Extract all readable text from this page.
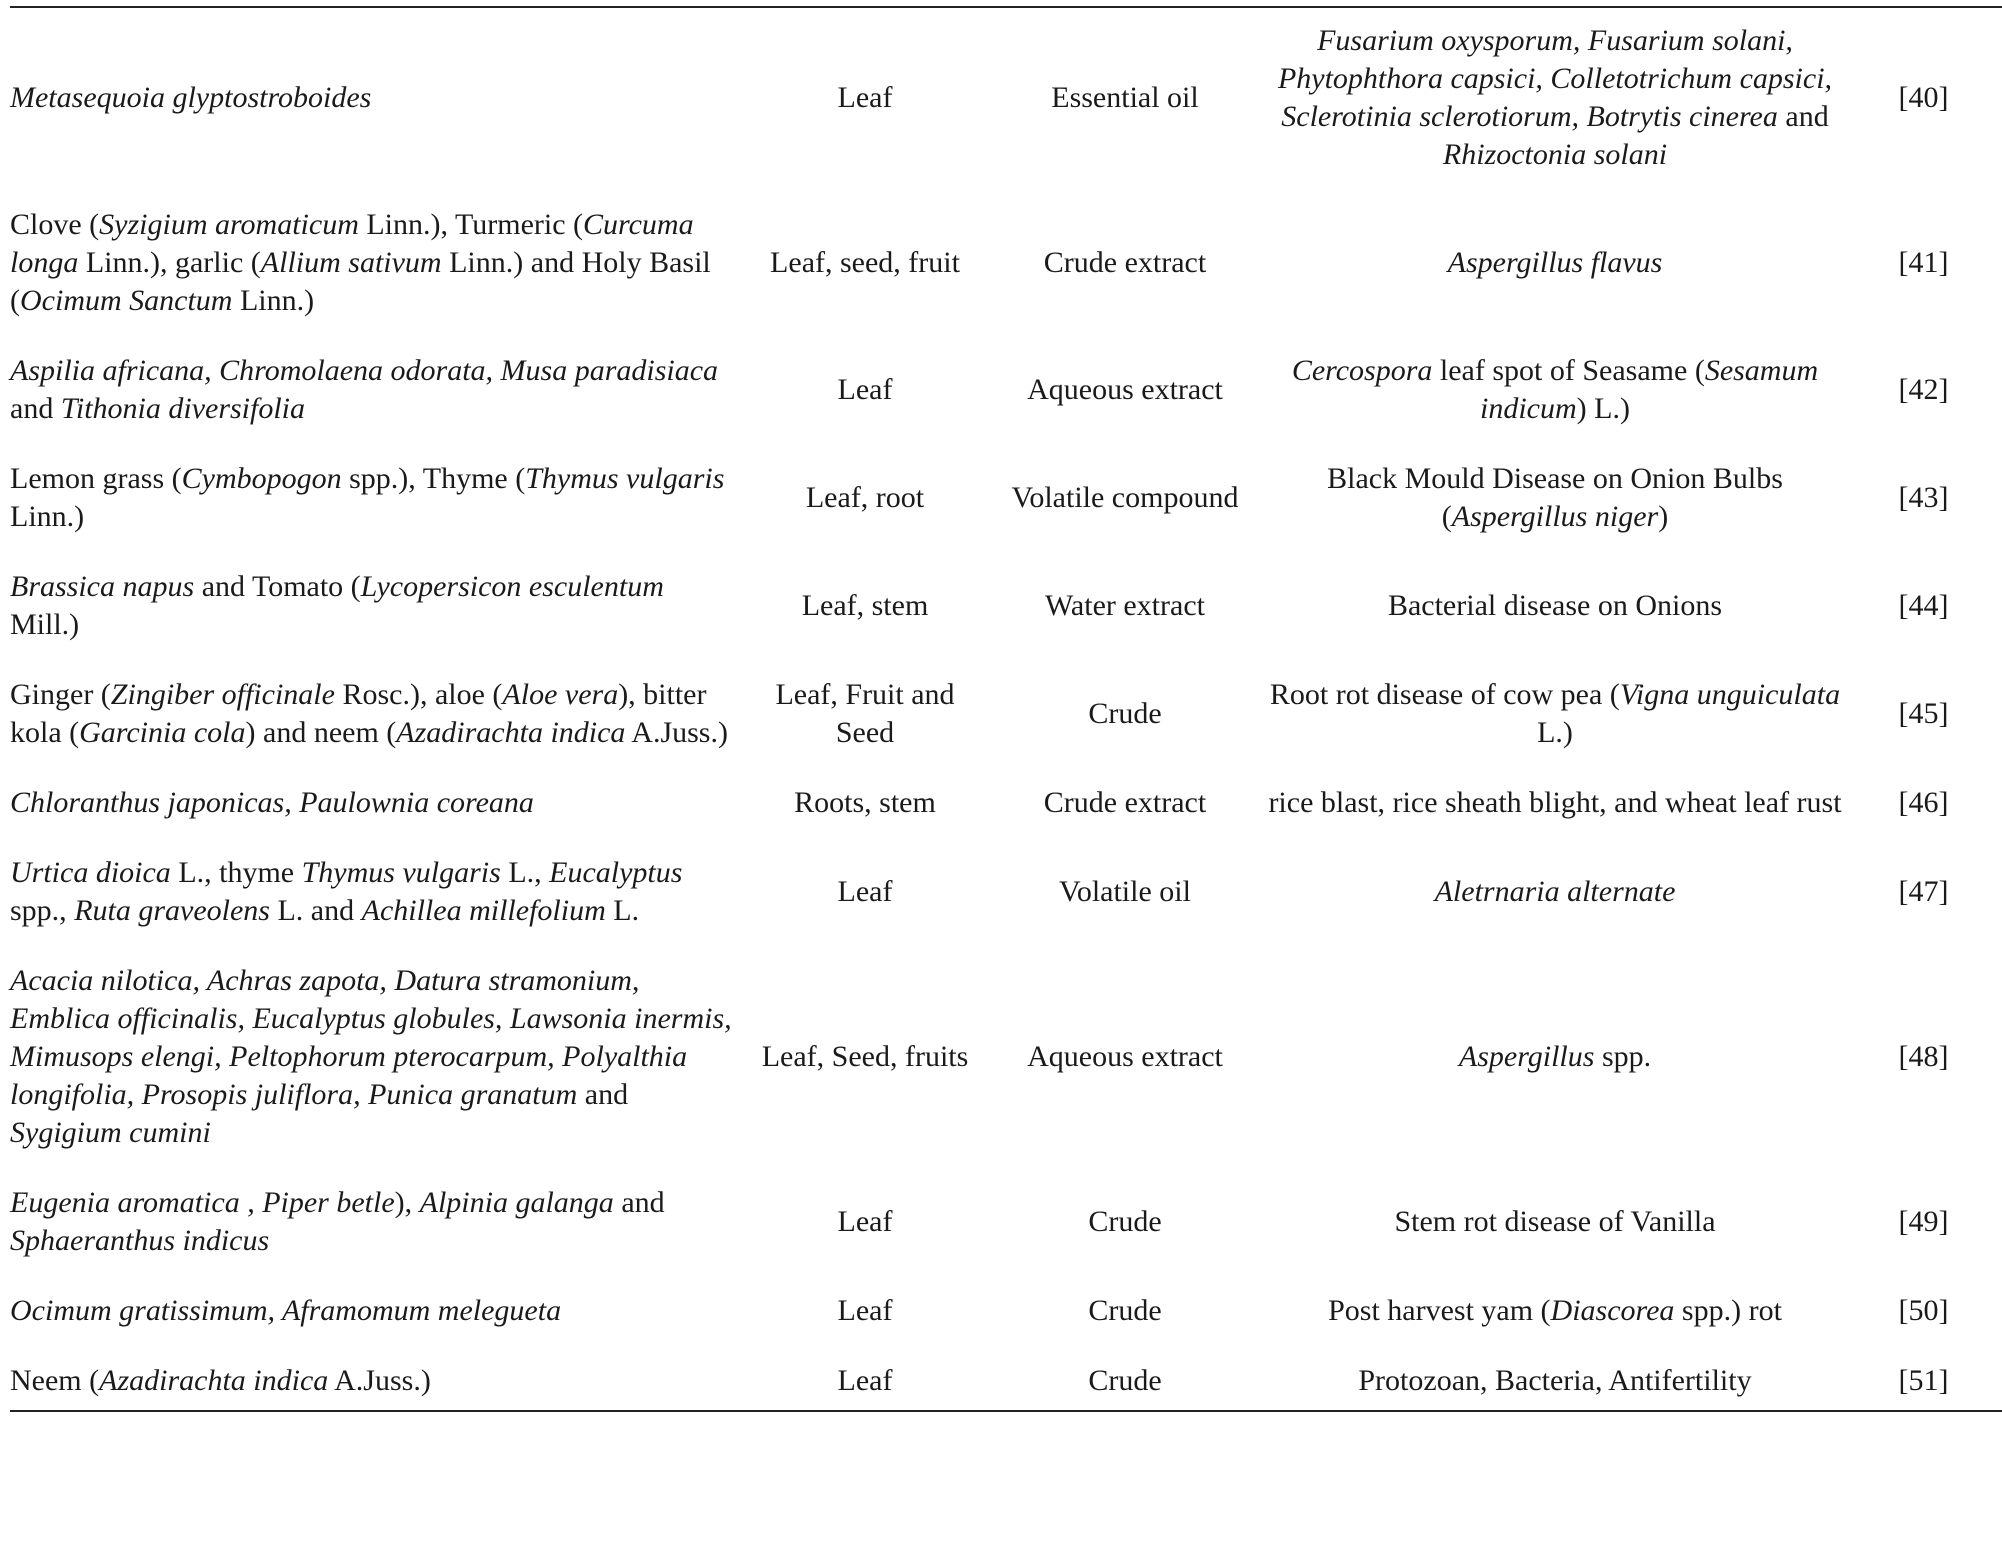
Metasequoia glyptostroboides	Leaf	Essential oil	Fusarium oxysporum, Fusarium solani, Phytophthora capsici, Colletotrichum capsici, Sclerotinia sclerotiorum, Botrytis cinerea and Rhizoctonia solani	[40]
Clove (Syzigium aromaticum Linn.), Turmeric (Curcuma longa Linn.), garlic (Allium sativum Linn.) and Holy Basil (Ocimum Sanctum Linn.)	Leaf, seed, fruit	Crude extract	Aspergillus flavus	[41]
Aspilia africana, Chromolaena odorata, Musa paradisiaca and Tithonia diversifolia	Leaf	Aqueous extract	Cercospora leaf spot of Seasame (Sesamum indicum) L.)	[42]
Lemon grass (Cymbopogon spp.), Thyme (Thymus vulgaris Linn.)	Leaf, root	Volatile compound	Black Mould Disease on Onion Bulbs (Aspergillus niger)	[43]
Brassica napus and Tomato (Lycopersicon esculentum Mill.)	Leaf, stem	Water extract	Bacterial disease on Onions	[44]
Ginger (Zingiber officinale Rosc.), aloe (Aloe vera), bitter kola (Garcinia cola) and neem (Azadirachta indica A.Juss.)	Leaf, Fruit and Seed	Crude	Root rot disease of cow pea (Vigna unguiculata L.)	[45]
Chloranthus japonicas, Paulownia coreana	Roots, stem	Crude extract	rice blast, rice sheath blight, and wheat leaf rust	[46]
Urtica dioica L., thyme Thymus vulgaris L., Eucalyptus spp., Ruta graveolens L. and Achillea millefolium L.	Leaf	Volatile oil	Aletrnaria alternate	[47]
Acacia nilotica, Achras zapota, Datura stramonium, Emblica officinalis, Eucalyptus globules, Lawsonia inermis, Mimusops elengi, Peltophorum pterocarpum, Polyalthia longifolia, Prosopis juliflora, Punica granatum and Sygigium cumini	Leaf, Seed, fruits	Aqueous extract	Aspergillus spp.	[48]
Eugenia aromatica , Piper betle), Alpinia galanga and Sphaeranthus indicus	Leaf	Crude	Stem rot disease of Vanilla	[49]
Ocimum gratissimum, Aframomum melegueta	Leaf	Crude	Post harvest yam (Diascorea spp.) rot	[50]
Neem (Azadirachta indica A.Juss.)	Leaf	Crude	Protozoan, Bacteria, Antifertility	[51]
